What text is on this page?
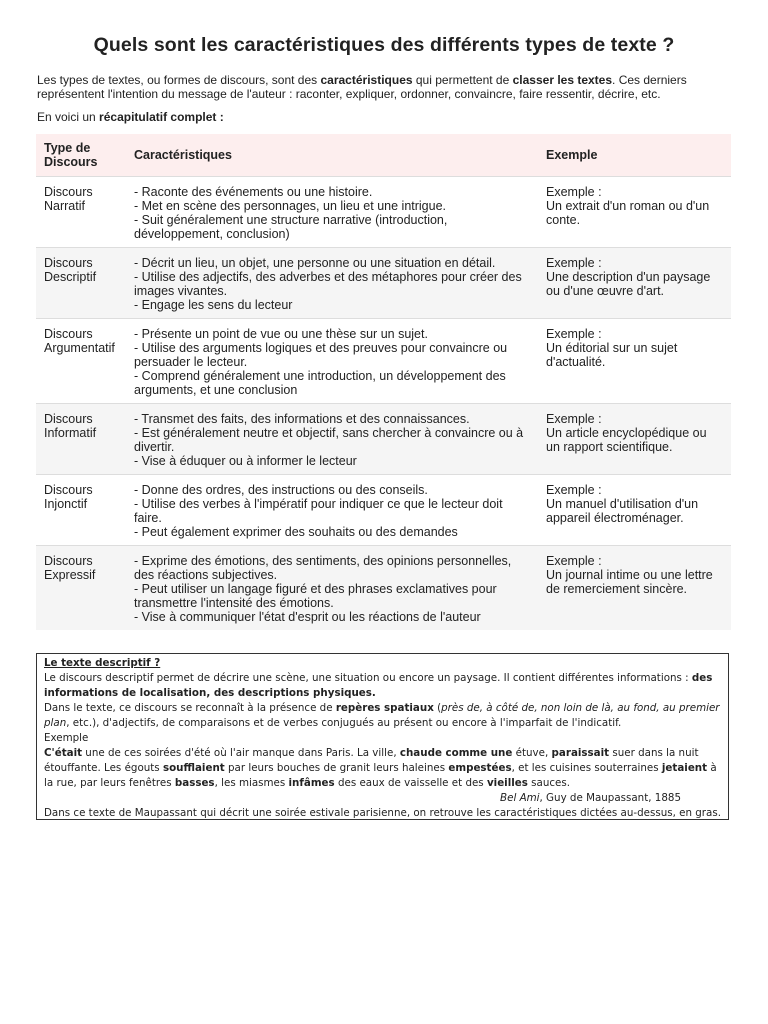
Quels sont les caractéristiques des différents types de texte ?

Les types de textes, ou formes de discours, sont des caractéristiques qui permettent de classer les textes. Ces derniers représentent l'intention du message de l'auteur : raconter, expliquer, ordonner, convaincre, faire ressentir, décrire, etc.

En voici un récapitulatif complet :

Type de Discours	Caractéristiques	Exemple
Discours Narratif	- Raconte des événements ou une histoire.
- Met en scène des personnages, un lieu et une intrigue.
- Suit généralement une structure narrative (introduction, développement, conclusion)	Exemple :
Un extrait d'un roman ou d'un conte.

Discours Descriptif	- Décrit un lieu, un objet, une personne ou une situation en détail.
- Utilise des adjectifs, des adverbes et des métaphores pour créer des images vivantes.
- Engage les sens du lecteur	Exemple :
Une description d'un paysage ou d'une œuvre d'art.

Discours Argumentatif	- Présente un point de vue ou une thèse sur un sujet.
- Utilise des arguments logiques et des preuves pour convaincre ou persuader le lecteur.
- Comprend généralement une introduction, un développement des arguments, et une conclusion	Exemple :
Un éditorial sur un sujet d'actualité.

Discours Informatif	- Transmet des faits, des informations et des connaissances.
- Est généralement neutre et objectif, sans chercher à convaincre ou à divertir.
- Vise à éduquer ou à informer le lecteur	Exemple :
Un article encyclopédique ou un rapport scientifique.

Discours Injonctif	- Donne des ordres, des instructions ou des conseils.
- Utilise des verbes à l'impératif pour indiquer ce que le lecteur doit faire.
- Peut également exprimer des souhaits ou des demandes	Exemple :
Un manuel d'utilisation d'un appareil électroménager.

Discours Expressif	- Exprime des émotions, des sentiments, des opinions personnelles, des réactions subjectives.
- Peut utiliser un langage figuré et des phrases exclamatives pour transmettre l'intensité des émotions.
- Vise à communiquer l'état d'esprit ou les réactions de l'auteur	Exemple :
Un journal intime ou une lettre de remerciement sincère.

Le texte descriptif ?

Le discours descriptif permet de décrire une scène, une situation ou encore un paysage. Il contient différentes informations : des informations de localisation, des descriptions physiques.

Dans le texte, ce discours se reconnaît à la présence de repères spatiaux (près de, à côté de, non loin de là, au fond, au premier plan, etc.), d'adjectifs, de comparaisons et de verbes conjugués au présent ou encore à l'imparfait de l'indicatif.

Exemple

C'était une de ces soirées d'été où l'air manque dans Paris. La ville, chaude comme une étuve, paraissait suer dans la nuit étouffante. Les égouts soufflaient par leurs bouches de granit leurs haleines empestées, et les cuisines souterraines jetaient à la rue, par leurs fenêtres basses, les miasmes infâmes des eaux de vaisselle et des vieilles sauces.

Bel Ami, Guy de Maupassant, 1885

Dans ce texte de Maupassant qui décrit une soirée estivale parisienne, on retrouve les caractéristiques dictées au-dessus, en gras.
